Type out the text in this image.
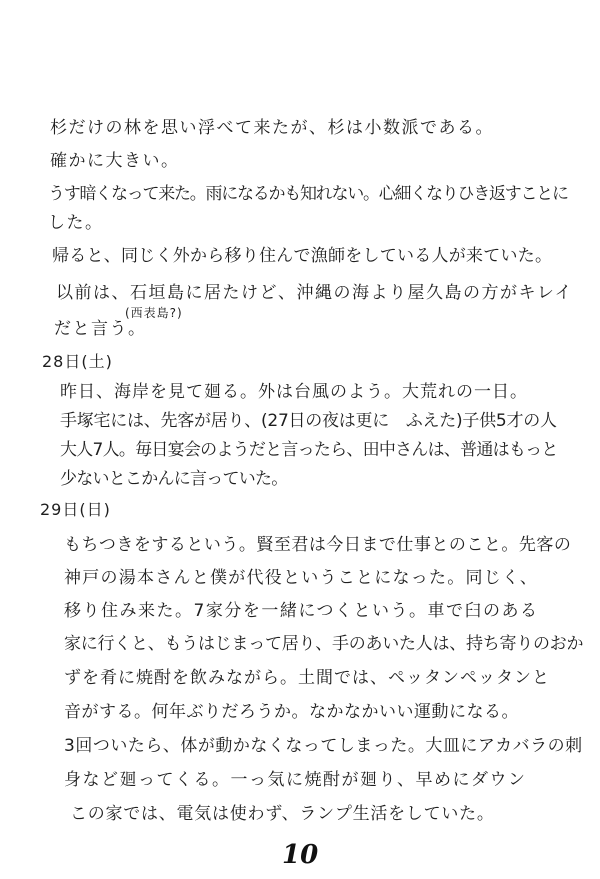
杉だけの林を思い浮べて来たが、杉は小数派である。
確かに大きい。
うす暗くなって来た。雨になるかも知れない。心細くなりひき返すことに
した。
帰ると、同じく外から移り住んで漁師をしている人が来ていた。
以前は、石垣島に居たけど、沖縄の海より屋久島の方がキレイ
(西表島?)
だと言う。
28日(土)
昨日、海岸を見て廻る。外は台風のよう。大荒れの一日。
手塚宅には、先客が居り、(27日の夜は更に　ふえた)子供5才の人
大人7人。毎日宴会のようだと言ったら、田中さんは、普通はもっと
少ないとこかんに言っていた。
29日(日)
もちつきをするという。賢至君は今日まで仕事とのこと。先客の
神戸の湯本さんと僕が代役ということになった。同じく、
移り住み来た。7家分を一緒につくという。車で臼のある
家に行くと、もうはじまって居り、手のあいた人は、持ち寄りのおか
ずを肴に焼酎を飲みながら。土間では、ペッタンペッタンと
音がする。何年ぶりだろうか。なかなかいい運動になる。
3回ついたら、体が動かなくなってしまった。大皿にアカバラの刺
身など廻ってくる。一っ気に焼酎が廻り、早めにダウン
この家では、電気は使わず、ランプ生活をしていた。
10
